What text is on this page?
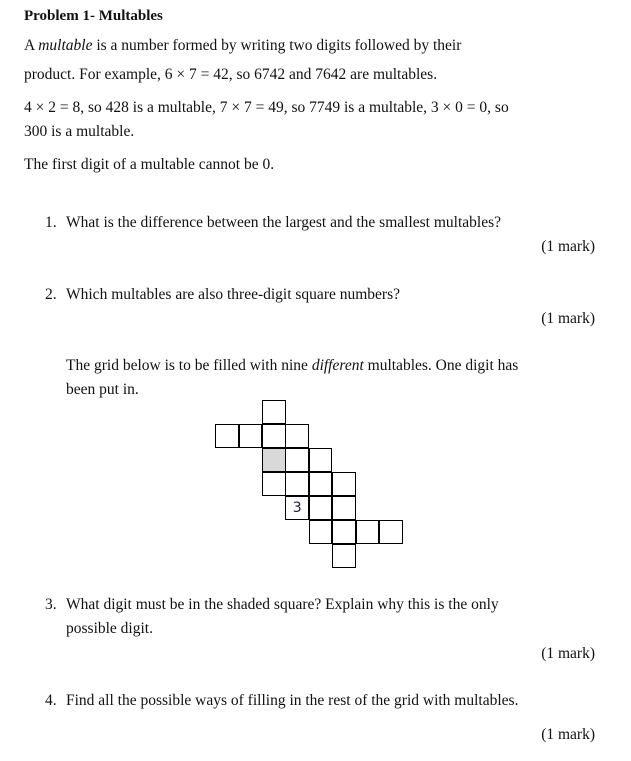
Problem 1- Multables
A multable is a number formed by writing two digits followed by their
product. For example, 6 × 7 = 42, so 6742 and 7642 are multables.
4 × 2 = 8, so 428 is a multable, 7 × 7 = 49, so 7749 is a multable, 3 × 0 = 0, so
300 is a multable.
The first digit of a multable cannot be 0.
1. What is the difference between the largest and the smallest multables?
(1 mark)
2. Which multables are also three-digit square numbers?
(1 mark)
The grid below is to be filled with nine different multables. One digit has
been put in.
3
3. What digit must be in the shaded square? Explain why this is the only
possible digit.
(1 mark)
4. Find all the possible ways of filling in the rest of the grid with multables.
(1 mark)
